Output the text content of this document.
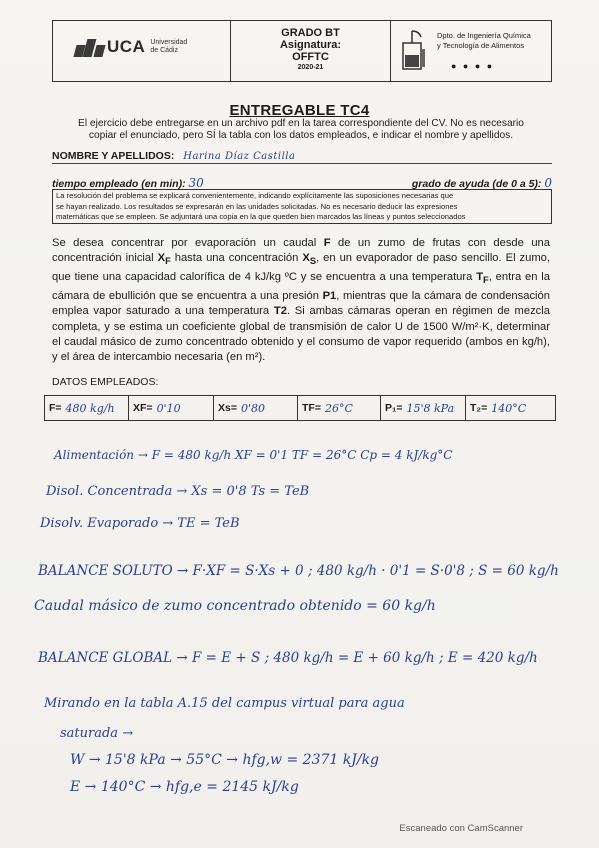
UCA Universidad
de Cádiz
GRADO BT
Asignatura:
OFFTC
2020-21
Dpto. de Ingeniería Química
y Tecnología de Alimentos
● ● ● ●
ENTREGABLE TC4
El ejercicio debe entregarse en un archivo pdf en la tarea correspondiente del CV. No es necesario
copiar el enunciado, pero SÍ la tabla con los datos empleados, e indicar el nombre y apellidos.
NOMBRE Y APELLIDOS: Harina Díaz Castilla
tiempo empleado (en min): 30	grado de ayuda (de 0 a 5): 0
La resolución del problema se explicará convenientemente, indicando explícitamente las suposiciones necesarias que
se hayan realizado. Los resultados se expresarán en las unidades solicitadas. No es necesario deducir las expresiones
matemáticas que se empleen. Se adjuntará una copia en la que queden bien marcados las líneas y puntos seleccionados
Se desea concentrar por evaporación un caudal F de un zumo de frutas con desde una concentración inicial $X_F$ hasta una concentración $X_S$, en un evaporador de paso sencillo. El zumo, que tiene una capacidad calorífica de 4 kJ/kg ºC y se encuentra a una temperatura $T_F$, entra en la cámara de ebullición que se encuentra a una presión P1, mientras que la cámara de condensación emplea vapor saturado a una temperatura T2. Si ambas cámaras operan en régimen de mezcla completa, y se estima un coeficiente global de transmisión de calor U de 1500 W/m²·K, determinar el caudal másico de zumo concentrado obtenido y el consumo de vapor requerido (ambos en kg/h), y el área de intercambio necesaria (en m²).
DATOS EMPLEADOS:
F= 480 kg/h XF= 0'10	Xs= 0'80	TF= 26°C	P₁= 15'8 kPa T₂= 140°C
Alimentación → F = 480 kg/h XF = 0'1 TF = 26°C Cp = 4 kJ/kg°C
Disol. Concentrada → Xs = 0'8 Ts = TeB
Disolv. Evaporado → TE = TeB
BALANCE SOLUTO → F·XF = S·Xs + 0 ; 480 kg/h · 0'1 = S·0'8 ; S = 60 kg/h
Caudal másico de zumo concentrado obtenido = 60 kg/h
BALANCE GLOBAL → F = E + S ; 480 kg/h = E + 60 kg/h ; E = 420 kg/h
Mirando en la tabla A.15 del campus virtual para agua
saturada →
W → 15'8 kPa → 55°C → hfg,w = 2371 kJ/kg
E → 140°C → hfg,e = 2145 kJ/kg
Escaneado con CamScanner
